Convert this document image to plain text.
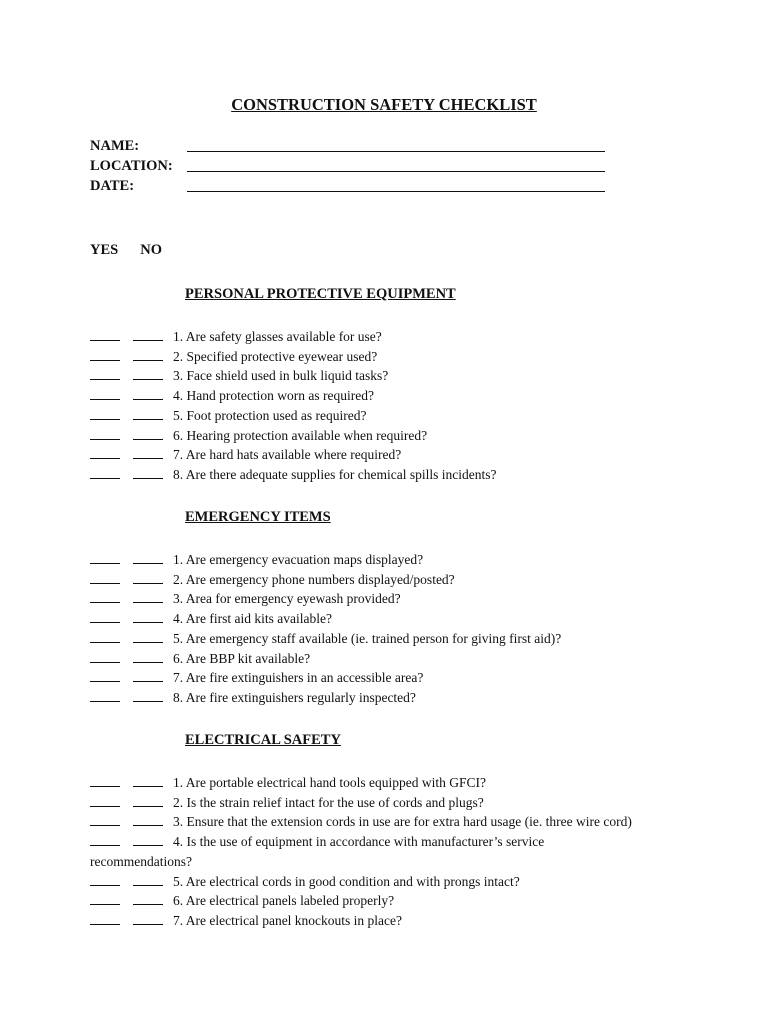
CONSTRUCTION SAFETY CHECKLIST
NAME:
LOCATION:
DATE:
YES NO
PERSONAL PROTECTIVE EQUIPMENT
1. Are safety glasses available for use?
2. Specified protective eyewear used?
3. Face shield used in bulk liquid tasks?
4. Hand protection worn as required?
5. Foot protection used as required?
6. Hearing protection available when required?
7. Are hard hats available where required?
8. Are there adequate supplies for chemical spills incidents?
EMERGENCY ITEMS
1. Are emergency evacuation maps displayed?
2. Are emergency phone numbers displayed/posted?
3. Area for emergency eyewash provided?
4. Are first aid kits available?
5. Are emergency staff available (ie. trained person for giving first aid)?
6. Are BBP kit available?
7. Are fire extinguishers in an accessible area?
8. Are fire extinguishers regularly inspected?
ELECTRICAL SAFETY
1. Are portable electrical hand tools equipped with GFCI?
2. Is the strain relief intact for the use of cords and plugs?
3. Ensure that the extension cords in use are for extra hard usage (ie. three wire cord)
4. Is the use of equipment in accordance with manufacturer’s service recommendations?
5. Are electrical cords in good condition and with prongs intact?
6. Are electrical panels labeled properly?
7. Are electrical panel knockouts in place?
